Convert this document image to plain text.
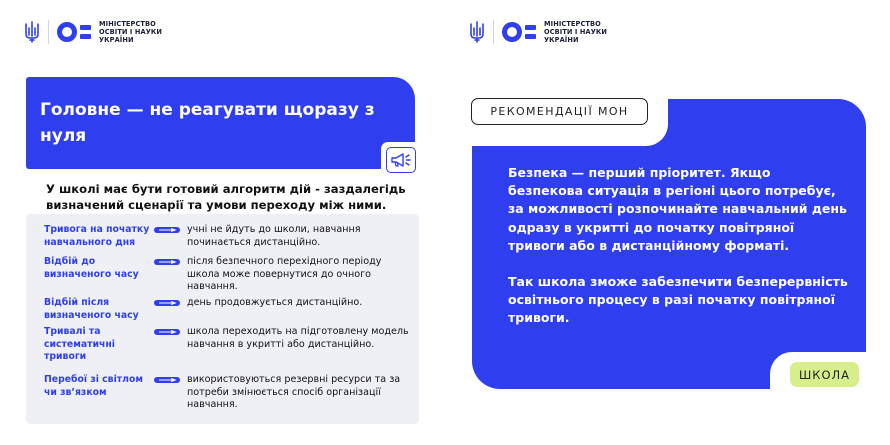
МІНІСТЕРСТВО
ОСВІТИ І НАУКИ
УКРАЇНИ
Головне — не реагувати щоразу з нуля
У школі має бути готовий алгоритм дій - заздалегідь визначений сценарії та умови переходу між ними.
Тривога на початку навчального дня
учні не йдуть до школи, навчання починається дистанційно.
Відбій до визначеного часу
після безпечного перехідного періоду школа може повернутися до очного навчання.
Відбій після визначеного часу
день продовжується дистанційно.
Тривалі та систематичні тривоги
школа переходить на підготовлену модель навчання в укритті або дистанційно.
Перебої зі світлом чи зв’язком
використовуються резервні ресурси та за потреби змінюється спосіб організації навчання.
МІНІСТЕРСТВО
ОСВІТИ І НАУКИ
УКРАЇНИ
РЕКОМЕНДАЦІЇ МОН

Безпека — перший пріоритет. Якщо безпекова ситуація в регіоні цього потребує, за можливості розпочинайте навчальний день одразу в укритті до початку повітряної тривоги або в дистанційному форматі.

Так школа зможе забезпечити безперервність освітнього процесу в разі початку повітряної тривоги.

ШКОЛА
